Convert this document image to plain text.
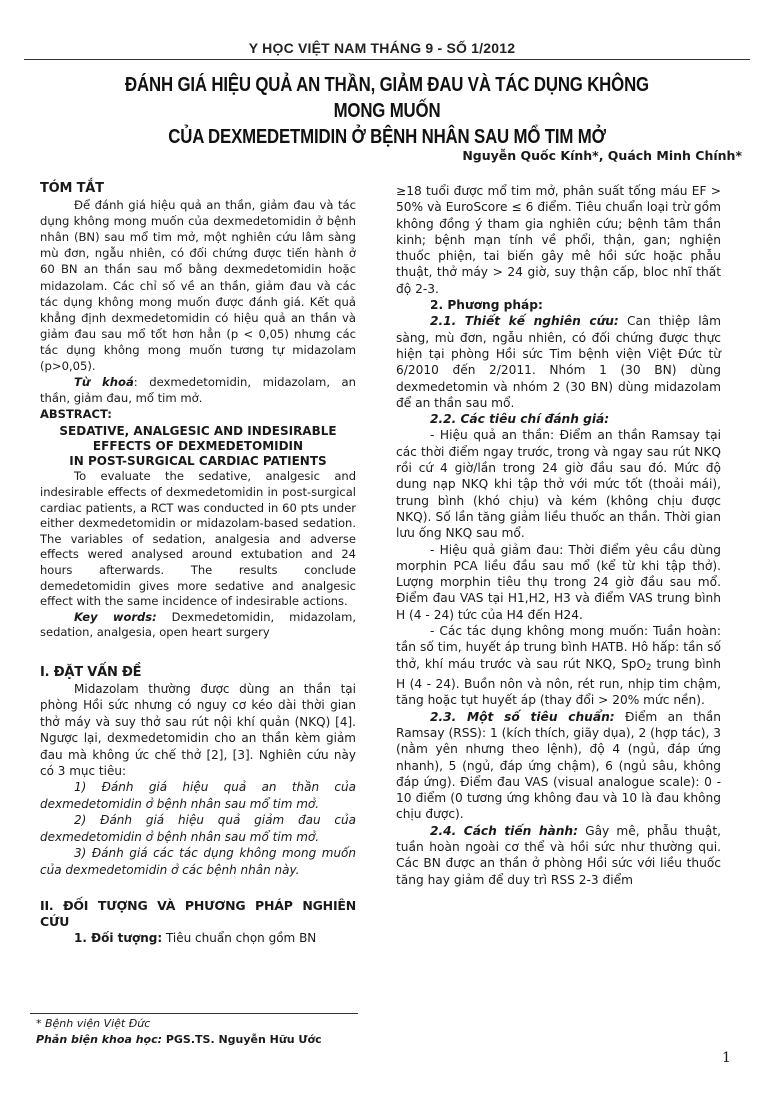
Y HỌC VIỆT NAM THÁNG 9 - SỐ 1/2012
ĐÁNH GIÁ HIỆU QUẢ AN THẦN, GIẢM ĐAU VÀ TÁC DỤNG KHÔNG MONG MUỐN
CỦA DEXMEDETMIDIN Ở BỆNH NHÂN SAU MỔ TIM MỞ
Nguyễn Quốc Kính*, Quách Minh Chính*

TÓM TẮT

Để đánh giá hiệu quả an thần, giảm đau và tác dụng không mong muốn của dexmedetomidin ở bệnh nhân (BN) sau mổ tim mở, một nghiên cứu lâm sàng mù đơn, ngẫu nhiên, có đối chứng được tiến hành ở 60 BN an thần sau mổ bằng dexmedetomidin hoặc midazolam. Các chỉ số về an thần, giảm đau và các tác dụng không mong muốn được đánh giá. Kết quả khẳng định dexmedetomidin có hiệu quả an thần và giảm đau sau mổ tốt hơn hẳn (p < 0,05) nhưng các tác dụng không mong muốn tương tự midazolam (p>0,05).

Từ khoá: dexmedetomidin, midazolam, an thần, giảm đau, mổ tim mở.

ABSTRACT:

SEDATIVE, ANALGESIC AND INDESIRABLE
EFFECTS OF DEXMEDETOMIDIN
IN POST-SURGICAL CARDIAC PATIENTS

To evaluate the sedative, analgesic and indesirable effects of dexmedetomidin in post-surgical cardiac patients, a RCT was conducted in 60 pts under either dexmedetomidin or midazolam-based sedation. The variables of sedation, analgesia and adverse effects wered analysed around extubation and 24 hours afterwards. The results conclude demedetomidin gives more sedative and analgesic effect with the same incidence of indesirable actions.

Key words: Dexmedetomidin, midazolam, sedation, analgesia, open heart surgery

I. ĐẶT VẤN ĐỀ

Midazolam thường được dùng an thần tại phòng Hồi sức nhưng có nguy cơ kéo dài thời gian thở máy và suy thở sau rút nội khí quản (NKQ) [4]. Ngược lại, dexmedetomidin cho an thần kèm giảm đau mà không ức chế thở [2], [3]. Nghiên cứu này có 3 mục tiêu:

1) Đánh giá hiệu quả an thần của dexmedetomidin ở bệnh nhân sau mổ tim mở.

2) Đánh giá hiệu quả giảm đau của dexmedetomidin ở bệnh nhân sau mổ tim mở.

3) Đánh giá các tác dụng không mong muốn của dexmedetomidin ở các bệnh nhân này.

II. ĐỐI TƯỢNG VÀ PHƯƠNG PHÁP NGHIÊN CỨU

1. Đối tượng: Tiêu chuẩn chọn gồm BN

≥18 tuổi được mổ tim mở, phân suất tống máu EF > 50% và EuroScore ≤ 6 điểm. Tiêu chuẩn loại trừ gồm không đồng ý tham gia nghiên cứu; bệnh tâm thần kinh; bệnh mạn tính về phổi, thận, gan; nghiện thuốc phiện, tai biến gây mê hồi sức hoặc phẫu thuật, thở máy > 24 giờ, suy thận cấp, bloc nhĩ thất độ 2-3.

2. Phương pháp:

2.1. Thiết kế nghiên cứu: Can thiệp lâm sàng, mù đơn, ngẫu nhiên, có đối chứng được thực hiện tại phòng Hồi sức Tim bệnh viện Việt Đức từ 6/2010 đến 2/2011. Nhóm 1 (30 BN) dùng dexmedetomin và nhóm 2 (30 BN) dùng midazolam để an thần sau mổ.

2.2. Các tiêu chí đánh giá:

- Hiệu quả an thần: Điểm an thần Ramsay tại các thời điểm ngay trước, trong và ngay sau rút NKQ rồi cứ 4 giờ/lần trong 24 giờ đầu sau đó. Mức độ dung nạp NKQ khi tập thở với mức tốt (thoải mái), trung bình (khó chịu) và kém (không chịu được NKQ). Số lần tăng giảm liều thuốc an thần. Thời gian lưu ống NKQ sau mổ.

- Hiệu quả giảm đau: Thời điểm yêu cầu dùng morphin PCA liều đầu sau mổ (kể từ khi tập thở). Lượng morphin tiêu thụ trong 24 giờ đầu sau mổ. Điểm đau VAS tại H1,H2, H3 và điểm VAS trung bình H (4 - 24) tức của H4 đến H24.

- Các tác dụng không mong muốn: Tuần hoàn: tần số tim, huyết áp trung bình HATB. Hô hấp: tần số thở, khí máu trước và sau rút NKQ, SpO$_2$ trung bình H (4 - 24). Buồn nôn và nôn, rét run, nhịp tim chậm, tăng hoặc tụt huyết áp (thay đổi > 20% mức nền).

2.3. Một số tiêu chuẩn: Điểm an thần Ramsay (RSS): 1 (kích thích, giãy dụa), 2 (hợp tác), 3 (nằm yên nhưng theo lệnh), độ 4 (ngủ, đáp ứng nhanh), 5 (ngủ, đáp ứng chậm), 6 (ngủ sâu, không đáp ứng). Điểm đau VAS (visual analogue scale): 0 - 10 điểm (0 tương ứng không đau và 10 là đau không chịu được).

2.4. Cách tiến hành: Gây mê, phẫu thuật, tuần hoàn ngoài cơ thể và hồi sức như thường qui. Các BN được an thần ở phòng Hồi sức với liều thuốc tăng hay giảm để duy trì RSS 2-3 điểm

* Bệnh viện Việt Đức
Phản biện khoa học: PGS.TS. Nguyễn Hữu Ước
1
